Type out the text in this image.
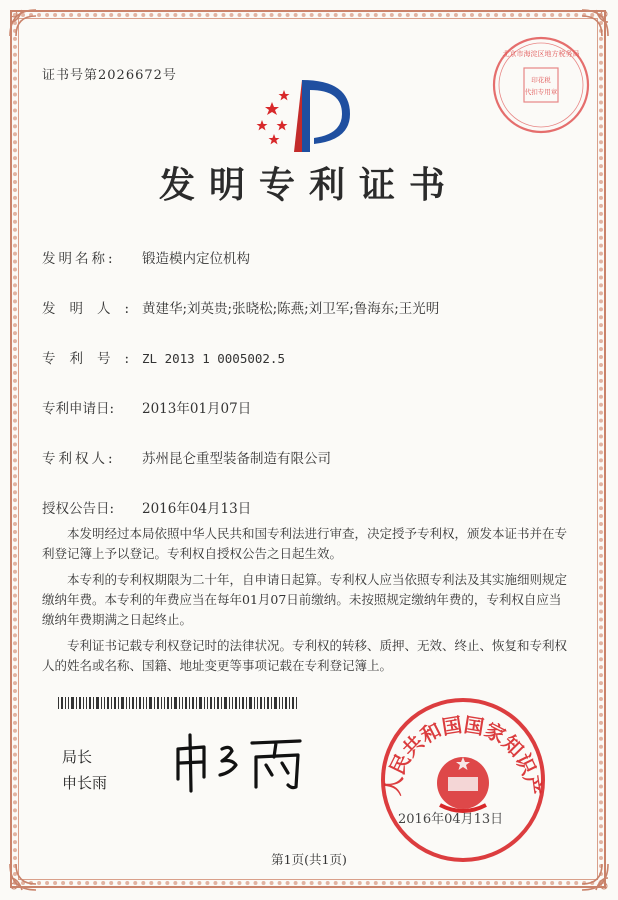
证书号第2026672号
北京市海淀区地方税务局
印花税
代扣专用章
发明专利证书
发明名称: 锻造模内定位机构
发明人:黄建华;刘英贵;张晓松;陈燕;刘卫军;鲁海东;王光明
专利号:ZL 2013 1 0005002.5
专利申请日: 2013年01月07日
专利权人: 苏州昆仑重型装备制造有限公司
授权公告日: 2016年04月13日

本发明经过本局依照中华人民共和国专利法进行审查，决定授予专利权，颁发本证书并在专利登记簿上予以登记。专利权自授权公告之日起生效。

本专利的专利权期限为二十年，自申请日起算。专利权人应当依照专利法及其实施细则规定缴纳年费。本专利的年费应当在每年01月07日前缴纳。未按照规定缴纳年费的，专利权自应当缴纳年费期满之日起终止。

专利证书记载专利权登记时的法律状况。专利权的转移、质押、无效、终止、恢复和专利权人的姓名或名称、国籍、地址变更等事项记载在专利登记簿上。

局长
申长雨	人民共和国国家知识产
2016年04月13日
第1页(共1页)
